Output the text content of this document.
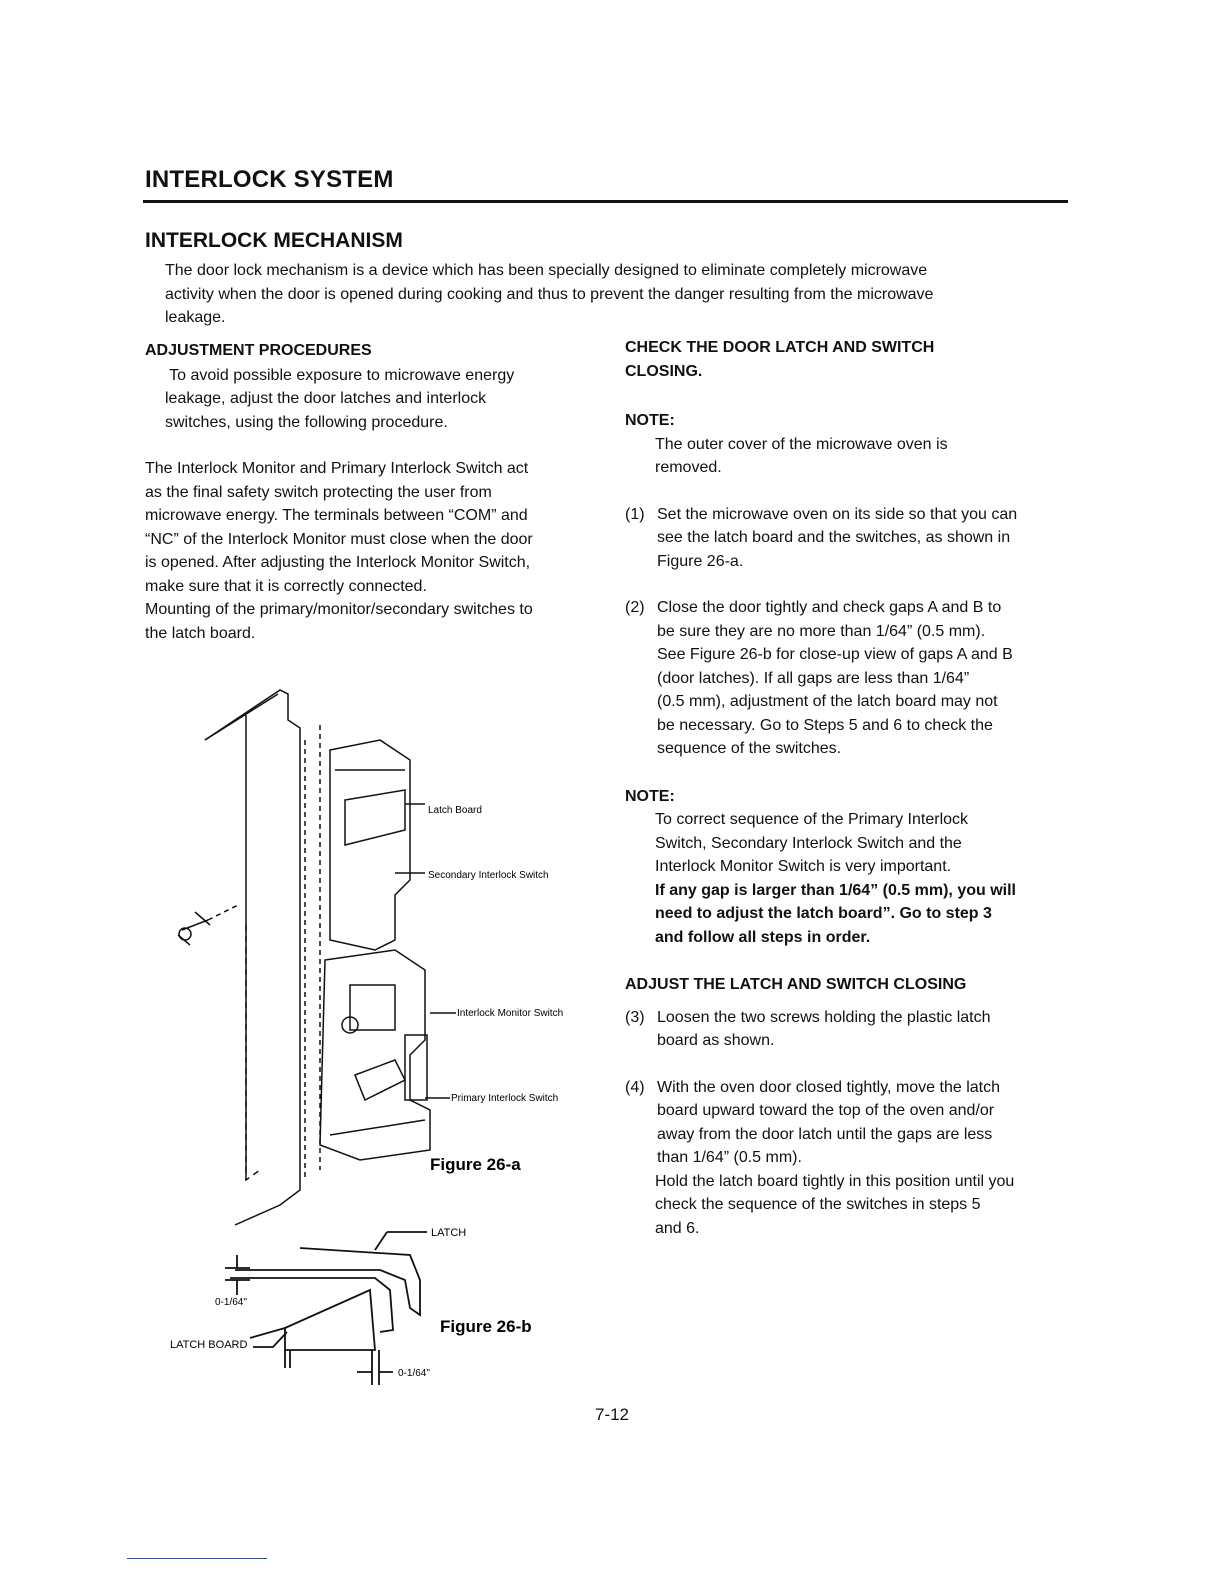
INTERLOCK SYSTEM
INTERLOCK MECHANISM
The door lock mechanism is a device which has been specially designed to eliminate completely microwave
activity when the door is opened during cooking and thus to prevent the danger resulting from the microwave
leakage.
ADJUSTMENT PROCEDURES
To avoid possible exposure to microwave energy
leakage, adjust the door latches and interlock
switches, using the following procedure.
The Interlock Monitor and Primary Interlock Switch act
as the final safety switch protecting the user from
microwave energy. The terminals between “COM” and
“NC” of the Interlock Monitor must close when the door
is opened. After adjusting the Interlock Monitor Switch,
make sure that it is correctly connected.
Mounting of the primary/monitor/secondary switches to
the latch board.
Latch Board
Secondary Interlock Switch
Interlock Monitor Switch
Primary Interlock Switch
Figure 26-a
LATCH
0-1/64"
LATCH BOARD
0-1/64"
Figure 26-b
CHECK THE DOOR LATCH AND SWITCH
CLOSING.
NOTE:
The outer cover of the microwave oven is
removed.
(1) Set the microwave oven on its side so that you can
see the latch board and the switches, as shown in
Figure 26-a.
(2) Close the door tightly and check gaps A and B to
be sure they are no more than 1/64” (0.5 mm).
See Figure 26-b for close-up view of gaps A and B
(door latches). If all gaps are less than 1/64”
(0.5 mm), adjustment of the latch board may not
be necessary. Go to Steps 5 and 6 to check the
sequence of the switches.
NOTE:
To correct sequence of the Primary Interlock
Switch, Secondary Interlock Switch and the
Interlock Monitor Switch is very important.
If any gap is larger than 1/64” (0.5 mm), you will
need to adjust the latch board”. Go to step 3
and follow all steps in order.
ADJUST THE LATCH AND SWITCH CLOSING
(3) Loosen the two screws holding the plastic latch
board as shown.
(4) With the oven door closed tightly, move the latch
board upward toward the top of the oven and/or
away from the door latch until the gaps are less
than 1/64” (0.5 mm).
Hold the latch board tightly in this position until you
check the sequence of the switches in steps 5
and 6.
7-12
